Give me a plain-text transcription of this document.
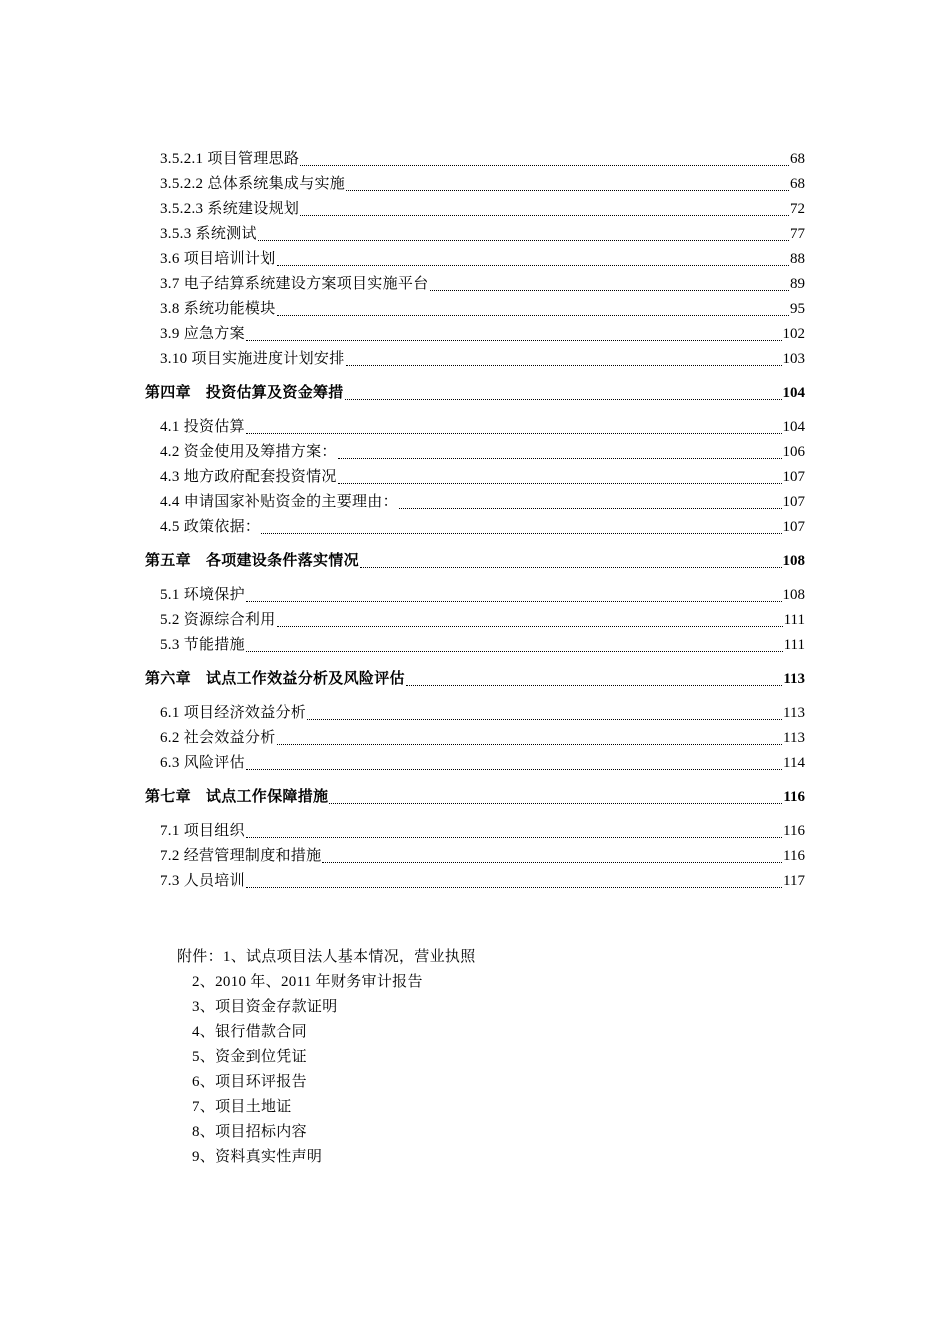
3.5.2.1 项目管理思路	68
3.5.2.2 总体系统集成与实施	68
3.5.2.3 系统建设规划	72
3.5.3 系统测试	77
3.6 项目培训计划	88
3.7 电子结算系统建设方案项目实施平台	89
3.8 系统功能模块	95
3.9 应急方案	102
3.10 项目实施进度计划安排	103
第四章 投资估算及资金筹措	104
4.1 投资估算	104
4.2 资金使用及筹措方案：	106
4.3 地方政府配套投资情况	107
4.4 申请国家补贴资金的主要理由：	107
4.5 政策依据：	107
第五章 各项建设条件落实情况	108
5.1 环境保护	108
5.2 资源综合利用	111
5.3 节能措施	111
第六章 试点工作效益分析及风险评估	113
6.1 项目经济效益分析	113
6.2 社会效益分析	113
6.3 风险评估	114
第七章 试点工作保障措施	116
7.1 项目组织	116
7.2 经营管理制度和措施	116
7.3 人员培训	117
附件：1、试点项目法人基本情况，营业执照
2、2010 年、2011 年财务审计报告
3、项目资金存款证明
4、银行借款合同
5、资金到位凭证
6、项目环评报告
7、项目土地证
8、项目招标内容
9、资料真实性声明
